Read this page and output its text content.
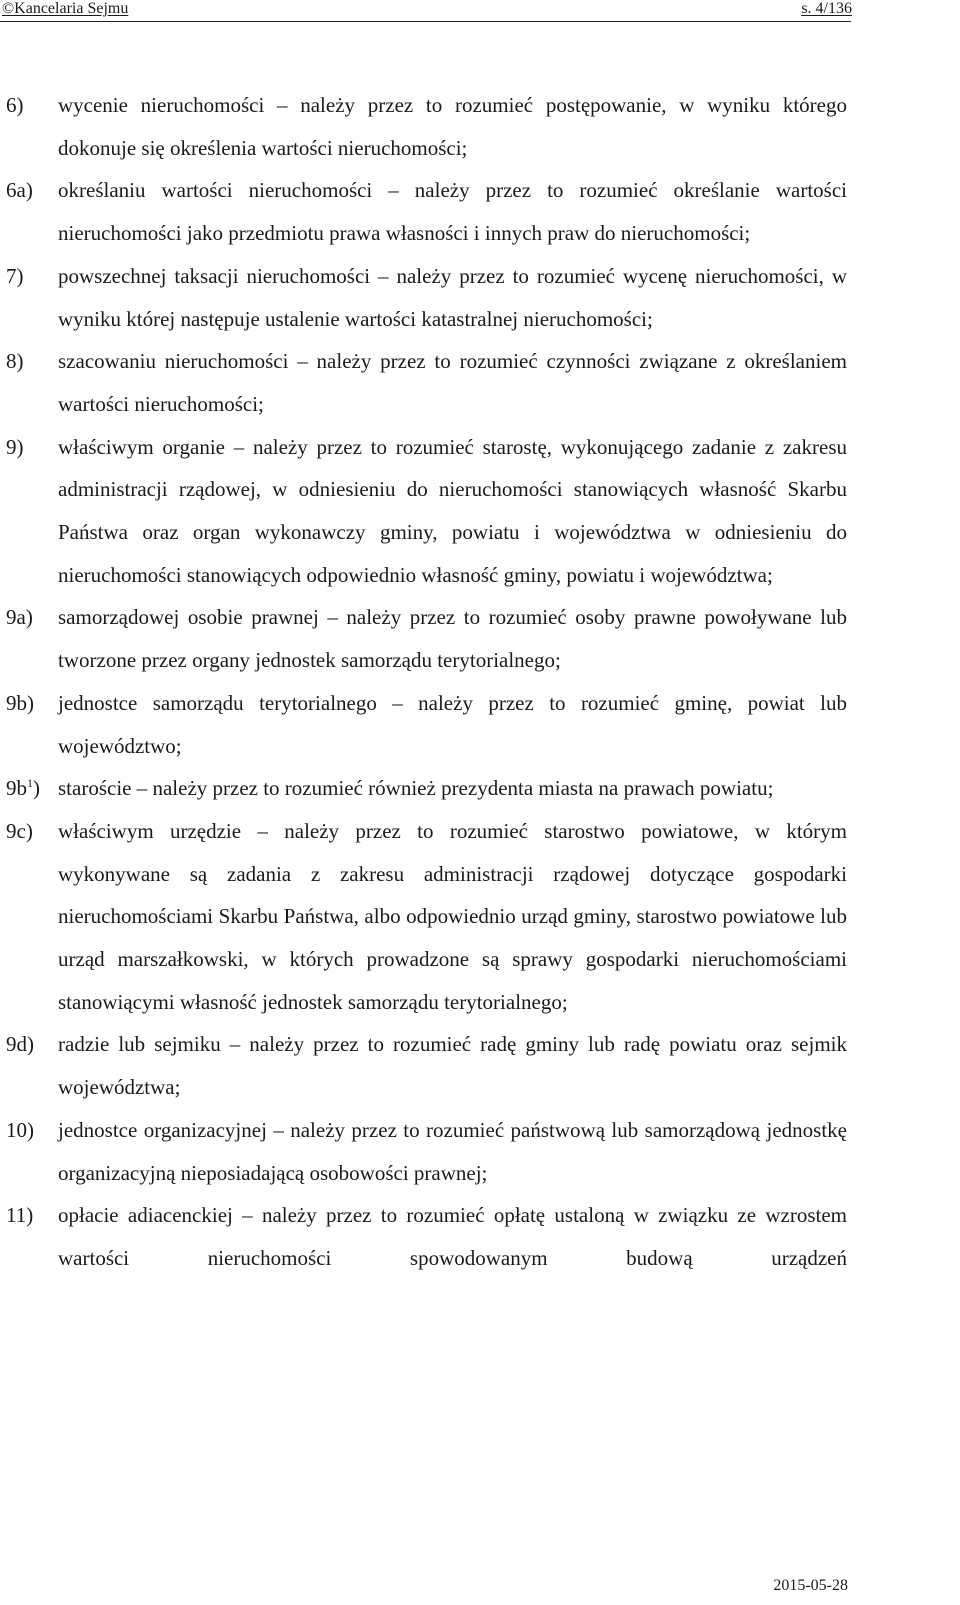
©Kancelaria Sejmu	s. 4/136
6) wycenie nieruchomości – należy przez to rozumieć postępowanie, w wyniku którego dokonuje się określenia wartości nieruchomości;
6a) określaniu wartości nieruchomości – należy przez to rozumieć określanie wartości nieruchomości jako przedmiotu prawa własności i innych praw do nieruchomości;
7) powszechnej taksacji nieruchomości – należy przez to rozumieć wycenę nieruchomości, w wyniku której następuje ustalenie wartości katastralnej nieruchomości;
8) szacowaniu nieruchomości – należy przez to rozumieć czynności związane z określaniem wartości nieruchomości;
9) właściwym organie – należy przez to rozumieć starostę, wykonującego zadanie z zakresu administracji rządowej, w odniesieniu do nieruchomości stanowiących własność Skarbu Państwa oraz organ wykonawczy gminy, powiatu i województwa w odniesieniu do nieruchomości stanowiących odpowiednio własność gminy, powiatu i województwa;
9a) samorządowej osobie prawnej – należy przez to rozumieć osoby prawne powoływane lub tworzone przez organy jednostek samorządu terytorialnego;
9b) jednostce samorządu terytorialnego – należy przez to rozumieć gminę, powiat lub województwo;
$9b^1$) staroście – należy przez to rozumieć również prezydenta miasta na prawach powiatu;
9c) właściwym urzędzie – należy przez to rozumieć starostwo powiatowe, w którym wykonywane są zadania z zakresu administracji rządowej dotyczące gospodarki nieruchomościami Skarbu Państwa, albo odpowiednio urząd gminy, starostwo powiatowe lub urząd marszałkowski, w których prowadzone są sprawy gospodarki nieruchomościami stanowiącymi własność jednostek samorządu terytorialnego;
9d) radzie lub sejmiku – należy przez to rozumieć radę gminy lub radę powiatu oraz sejmik województwa;
10) jednostce organizacyjnej – należy przez to rozumieć państwową lub samorządową jednostkę organizacyjną nieposiadającą osobowości prawnej;
11) opłacie adiacenckiej – należy przez to rozumieć opłatę ustaloną w związku ze wzrostem wartości nieruchomości spowodowanym budową urządzeń
2015-05-28
